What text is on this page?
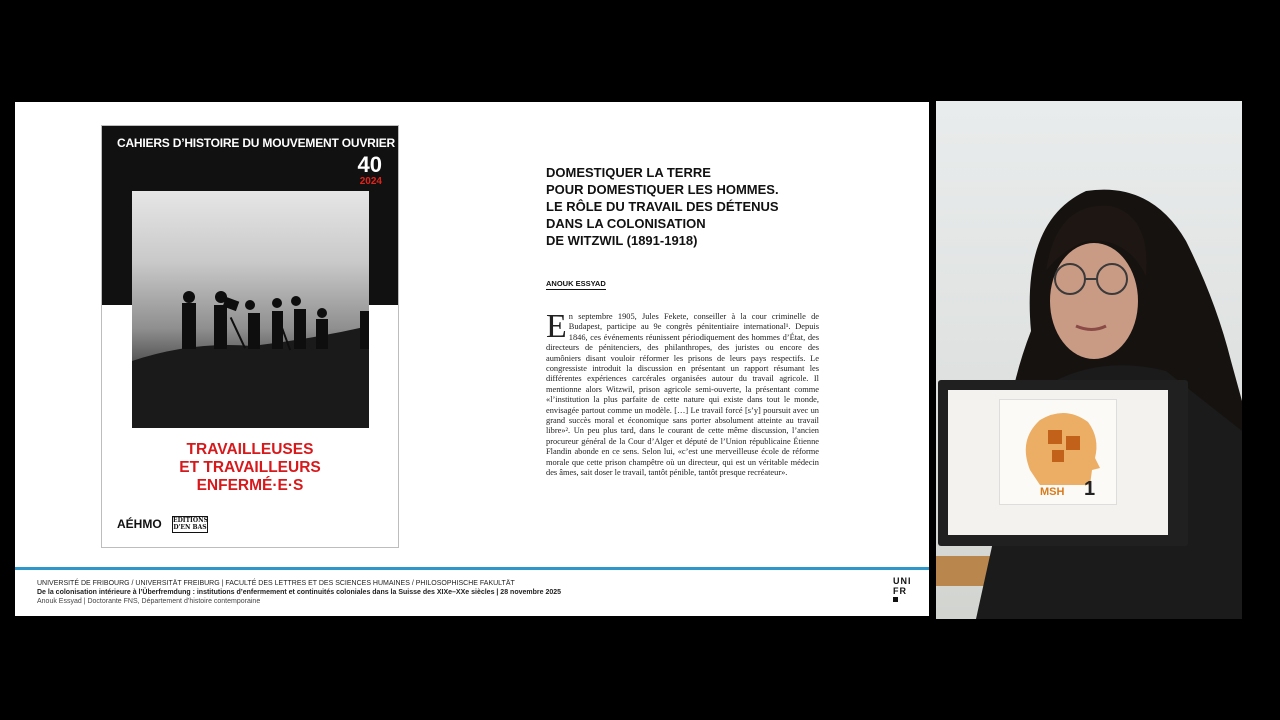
CAHIERS D’HISTOIRE DU MOUVEMENT OUVRIER
40
2024
TRAVAILLEUSES
ET TRAVAILLEURS
ENFERMÉ·E·S
AÉHMO EDITIONS
D'EN BAS
DOMESTIQUER LA TERRE
POUR DOMESTIQUER LES HOMMES.
LE RÔLE DU TRAVAIL DES DÉTENUS
DANS LA COLONISATION
DE WITZWIL (1891-1918)
ANOUK ESSYAD
E n septembre 1905, Jules Fekete, conseiller à la cour criminelle de Budapest, participe au 9e congrès pénitentiaire international¹. Depuis 1846, ces événements réunissent périodiquement des hommes d’État, des directeurs de pénitenciers, des philanthropes, des juristes ou encore des aumôniers disant vouloir réformer les prisons de leurs pays respectifs. Le congressiste introduit la discussion en présentant un rapport résumant les différentes expériences carcérales organisées autour du travail agricole. Il mentionne alors Witzwil, prison agricole semi-ouverte, la présentant comme «l’institution la plus parfaite de cette nature qui existe dans tout le monde, envisagée partout comme un modèle. […] Le travail forcé [s’y] poursuit avec un grand succès moral et économique sans porter absolument atteinte au travail libre»². Un peu plus tard, dans le courant de cette même discussion, l’ancien procureur général de la Cour d’Alger et député de l’Union républicaine Étienne Flandin abonde en ce sens. Selon lui, «c’est une merveilleuse école de réforme morale que cette prison champêtre où un directeur, qui est un véritable médecin des âmes, sait doser le travail, tantôt pénible, tantôt presque recréateur».
UNIVERSITÉ DE FRIBOURG / UNIVERSITÄT FREIBURG | FACULTÉ DES LETTRES ET DES SCIENCES HUMAINES / PHILOSOPHISCHE FAKULTÄT
De la colonisation intérieure à l’Überfremdung : institutions d’enfermement et continuités coloniales dans la Suisse des XIXe–XXe siècles | 28 novembre 2025
Anouk Essyad | Doctorante FNS, Département d’histoire contemporaine
UNI
FR
MSH 1
